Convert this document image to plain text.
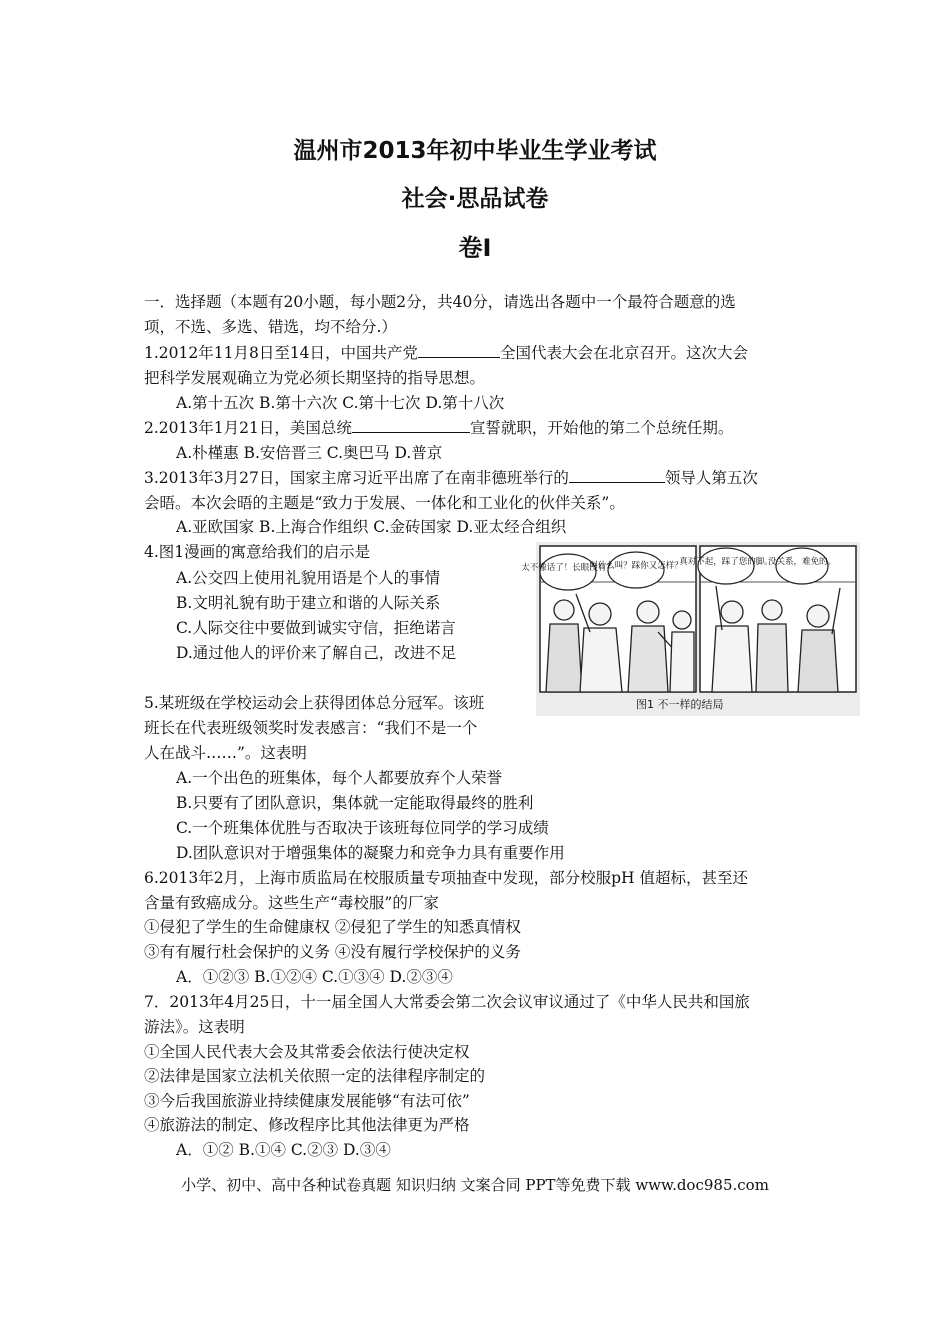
温州市2013年初中毕业生学业考试
社会·思品试卷
卷Ⅰ
一．选择题（本题有20小题，每小题2分，共40分，请选出各题中一个最符合题意的选
项，不选、多选、错选，均不给分.）
1.2012年11月8日至14日，中国共产党	全国代表大会在北京召开。这次大会
把科学发展观确立为党必须长期坚持的指导思想。
A.第十五次 B.第十六次 C.第十七次 D.第十八次
2.2013年1月21日，美国总统	宣誓就职，开始他的第二个总统任期。
A.朴槿惠 B.安倍晋三 C.奥巴马 D.普京
3.2013年3月27日，国家主席习近平出席了在南非德班举行的	领导人第五次
会晤。本次会晤的主题是“致力于发展、一体化和工业化的伙伴关系”。
A.亚欧国家 B.上海合作组织 C.金砖国家 D.亚太经合组织
4.图1漫画的寓意给我们的启示是
A.公交四上使用礼貌用语是个人的事情
B.文明礼貌有助于建立和谐的人际关系
C.人际交往中要做到诚实守信，拒绝诺言
D.通过他人的评价来了解自己，改进不足
太不像话了！长眼没有？
叫什么叫？踩你又怎样？
真对不起，踩了您的脚。
没关系，难免的。
图1 不一样的结局
5.某班级在学校运动会上获得团体总分冠军。该班
班长在代表班级领奖时发表感言：“我们不是一个
人在战斗……”。这表明
A.一个出色的班集体，每个人都要放弃个人荣誉
B.只要有了团队意识，集体就一定能取得最终的胜利
C.一个班集体优胜与否取决于该班每位同学的学习成绩
D.团队意识对于增强集体的凝聚力和竞争力具有重要作用
6.2013年2月，上海市质监局在校服质量专项抽查中发现，部分校服pH 值超标，甚至还
含量有致癌成分。这些生产“毒校服”的厂家
①侵犯了学生的生命健康权 ②侵犯了学生的知悉真情权
③有有履行杜会保护的义务 ④没有履行学校保护的义务
A．①②③ B.①②④ C.①③④ D.②③④
7．2013年4月25日，十一届全国人大常委会第二次会议审议通过了《中华人民共和国旅
游法》。这表明
①全国人民代表大会及其常委会依法行使决定权
②法律是国家立法机关依照一定的法律程序制定的
③今后我国旅游业持续健康发展能够“有法可依”
④旅游法的制定、修改程序比其他法律更为严格
A．①② B.①④ C.②③ D.③④
小学、初中、高中各种试卷真题 知识归纳 文案合同 PPT等免费下载 www.doc985.com
